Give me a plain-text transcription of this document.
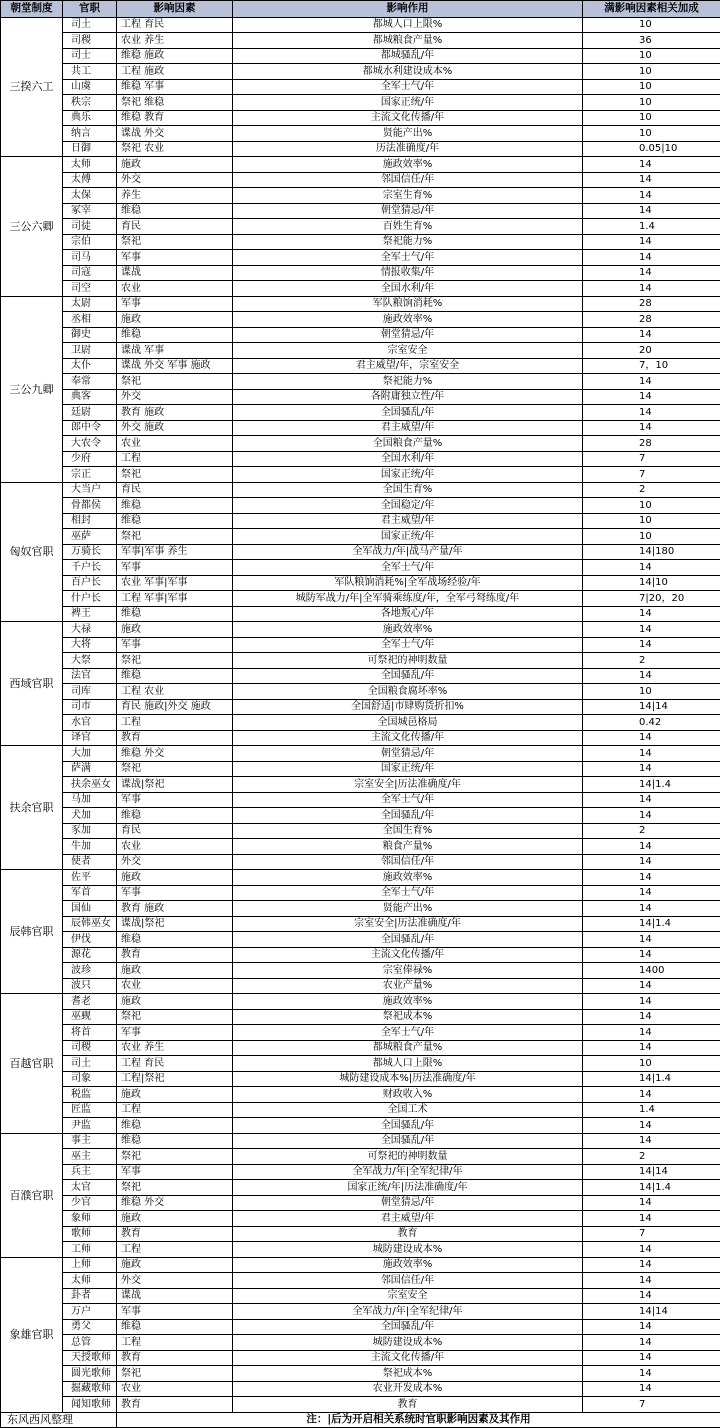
朝堂制度	官职	影响因素	影响作用	满影响因素相关加成
三揆六工	司土	工程 育民	都城人口上限%	10
	司稷	农业 养生	都城粮食产量%	36
	司士	维稳 施政	都城骚乱/年	10
	共工	工程 施政	都城水利建设成本%	10
	山虞	维稳 军事	全军士气/年	10
	秩宗	祭祀 维稳	国家正统/年	10
	典乐	维稳 教育	主流文化传播/年	10
	纳言	谍战 外交	贤能产出%	10
	日御	祭祀 农业	历法准确度/年	0.05|10
三公六卿	太师	施政	施政效率%	14
	太傅	外交	邻国信任/年	14
	太保	养生	宗室生育%	14
	冢宰	维稳	朝堂猜忌/年	14
	司徒	育民	百姓生育%	1.4
	宗伯	祭祀	祭祀能力%	14
	司马	军事	全军士气/年	14
	司寇	谍战	情报收集/年	14
	司空	农业	全国水利/年	14
三公九卿	太尉	军事	军队粮饷消耗%	28
	丞相	施政	施政效率%	28
	御史	维稳	朝堂猜忌/年	14
	卫尉	谍战 军事	宗室安全	20
	太仆	谍战 外交 军事 施政	君主威望/年，宗室安全	7，10
	奉常	祭祀	祭祀能力%	14
	典客	外交	各附庸独立性/年	14
	廷尉	教育 施政	全国骚乱/年	14
	郎中令	外交 施政	君主威望/年	14
	大农令	农业	全国粮食产量%	28
	少府	工程	全国水利/年	7
	宗正	祭祀	国家正统/年	7
匈奴官职	大当户	育民	全国生育%	2
	骨都侯	维稳	全国稳定/年	10
	相封	维稳	君主威望/年	10
	巫萨	祭祀	国家正统/年	10
	万骑长	军事|军事 养生	全军战力/年|战马产量/年	14|180
	千户长	军事	全军士气/年	14
	百户长	农业 军事|军事	军队粮饷消耗%|全军战场经验/年	14|10
	什户长	工程 军事|军事	城防军战力/年|全军骑乘练度/年，全军弓弩练度/年	7|20，20
	裨王	维稳	各地叛心/年	14
西域官职	大禄	施政	施政效率%	14
	大将	军事	全军士气/年	14
	大祭	祭祀	可祭祀的神明数量	2
	法官	维稳	全国骚乱/年	14
	司库	工程 农业	全国粮食腐坏率%	10
	司市	育民 施政|外交 施政	全国舒适|市肆购货折扣%	14|14
	水官	工程	全国城邑格局	0.42
	译官	教育	主流文化传播/年	14
扶余官职	大加	维稳 外交	朝堂猜忌/年	14
	萨满	祭祀	国家正统/年	14
	扶余巫女	谍战|祭祀	宗室安全|历法准确度/年	14|1.4
	马加	军事	全军士气/年	14
	犬加	维稳	全国骚乱/年	14
	豕加	育民	全国生育%	2
	牛加	农业	粮食产量%	14
	使者	外交	邻国信任/年	14
辰韩官职	佐平	施政	施政效率%	14
	军首	军事	全军士气/年	14
	国仙	教育 施政	贤能产出%	14
	辰韩巫女	谍战|祭祀	宗室安全|历法准确度/年	14|1.4
	伊伐	维稳	全国骚乱/年	14
	源花	教育	主流文化传播/年	14
	波珍	施政	宗室俸禄%	1400
	波只	农业	农业产量%	14
百越官职	耆老	施政	施政效率%	14
	巫觋	祭祀	祭祀成本%	14
	将首	军事	全军士气/年	14
	司稷	农业 养生	都城粮食产量%	14
	司土	工程 育民	都城人口上限%	10
	司象	工程|祭祀	城防建设成本%|历法准确度/年	14|1.4
	税监	施政	财政收入%	14
	匠监	工程	全国工术	1.4
	尹监	维稳	全国骚乱/年	14
百濮官职	事主	维稳	全国骚乱/年	14
	巫主	祭祀	可祭祀的神明数量	2
	兵主	军事	全军战力/年|全军纪律/年	14|14
	太官	祭祀	国家正统/年|历法准确度/年	14|1.4
	少官	维稳 外交	朝堂猜忌/年	14
	象师	施政	君主威望/年	14
	歌师	教育	教育	7
	工师	工程	城防建设成本%	14
象雄官职	上师	施政	施政效率%	14
	太师	外交	邻国信任/年	14
	卦者	谍战	宗室安全	14
	万户	军事	全军战力/年|全军纪律/年	14|14
	勇父	维稳	全国骚乱/年	14
	总管	工程	城防建设成本%	14
	天授歌师	教育	主流文化传播/年	14
	圆光歌师	祭祀	祭祀成本%	14
	掘藏歌师	农业	农业开发成本%	14
	闻知歌师	教育	教育	7
东风西风整理		注：|后为开启相关系统时官职影响因素及其作用		
